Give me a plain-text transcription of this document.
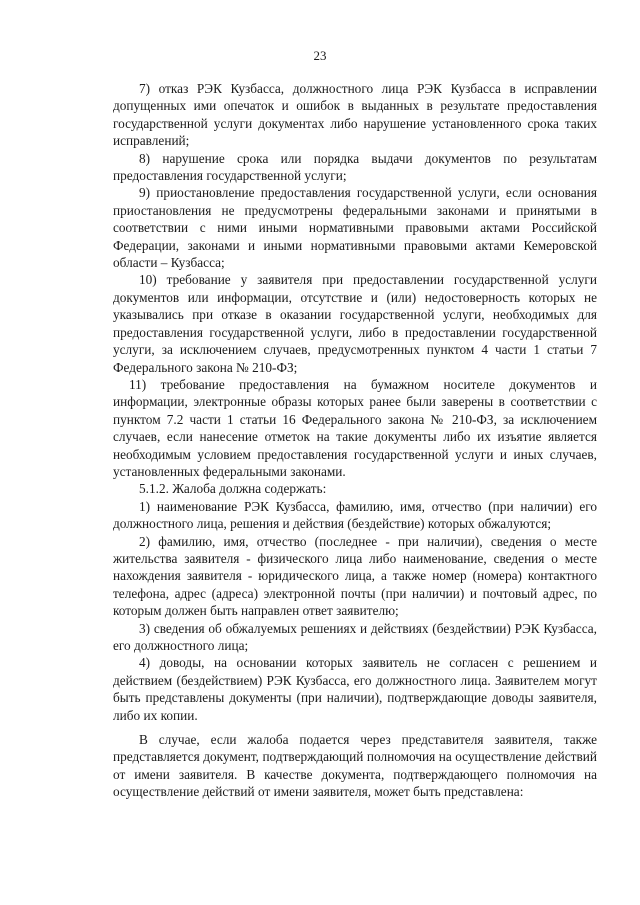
23

7) отказ РЭК Кузбасса, должностного лица РЭК Кузбасса в исправлении допущенных ими опечаток и ошибок в выданных в результате предоставления государственной услуги документах либо нарушение установленного срока таких исправлений;

8) нарушение срока или порядка выдачи документов по результатам предоставления государственной услуги;

9) приостановление предоставления государственной услуги, если основания приостановления не предусмотрены федеральными законами и принятыми в соответствии с ними иными нормативными правовыми актами Российской Федерации, законами и иными нормативными правовыми актами Кемеровской области – Кузбасса;

10) требование у заявителя при предоставлении государственной услуги документов или информации, отсутствие и (или) недостоверность которых не указывались при отказе в оказании государственной услуги, необходимых для предоставления государственной услуги, либо в предоставлении государственной услуги, за исключением случаев, предусмотренных пунктом 4 части 1 статьи 7 Федерального закона № 210-ФЗ;

11) требование предоставления на бумажном носителе документов и информации, электронные образы которых ранее были заверены в соответствии с пунктом 7.2 части 1 статьи 16 Федерального закона № 210-ФЗ, за исключением случаев, если нанесение отметок на такие документы либо их изъятие является необходимым условием предоставления государственной услуги и иных случаев, установленных федеральными законами.

5.1.2. Жалоба должна содержать:

1) наименование РЭК Кузбасса, фамилию, имя, отчество (при наличии) его должностного лица, решения и действия (бездействие) которых обжалуются;

2) фамилию, имя, отчество (последнее - при наличии), сведения о месте жительства заявителя - физического лица либо наименование, сведения о месте нахождения заявителя - юридического лица, а также номер (номера) контактного телефона, адрес (адреса) электронной почты (при наличии) и почтовый адрес, по которым должен быть направлен ответ заявителю;

3) сведения об обжалуемых решениях и действиях (бездействии) РЭК Кузбасса, его должностного лица;

4) доводы, на основании которых заявитель не согласен с решением и действием (бездействием) РЭК Кузбасса, его должностного лица. Заявителем могут быть представлены документы (при наличии), подтверждающие доводы заявителя, либо их копии.

В случае, если жалоба подается через представителя заявителя, также представляется документ, подтверждающий полномочия на осуществление действий от имени заявителя. В качестве документа, подтверждающего полномочия на осуществление действий от имени заявителя, может быть представлена:
